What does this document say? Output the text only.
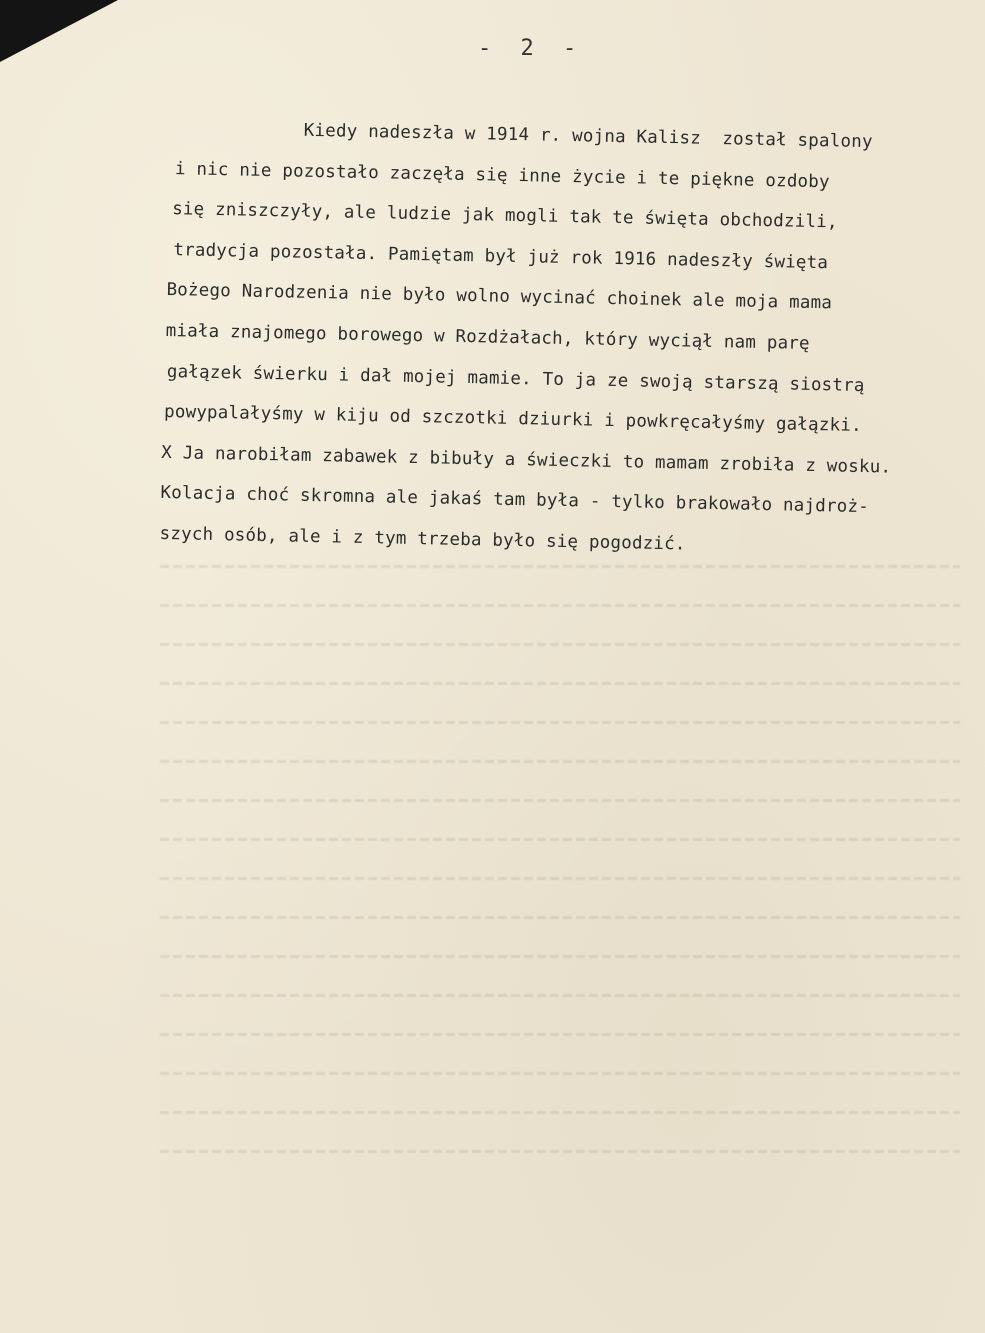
- 2 -
Kiedy nadeszła w 1914 r. wojna Kalisz  został spalony
i nic nie pozostało zaczęła się inne życie i te piękne ozdoby
się zniszczyły, ale ludzie jak mogli tak te święta obchodzili,
tradycja pozostała. Pamiętam był już rok 1916 nadeszły święta
Bożego Narodzenia nie było wolno wycinać choinek ale moja mama
miała znajomego borowego w Rozdżałach, który wyciął nam parę
gałązek świerku i dał mojej mamie. To ja ze swoją starszą siostrą
powypalałyśmy w kiju od szczotki dziurki i powkręcałyśmy gałązki.
X Ja narobiłam zabawek z bibuły a świeczki to mamam zrobiła z wosku.
Kolacja choć skromna ale jakaś tam była - tylko brakowało najdroż-
szych osób, ale i z tym trzeba było się pogodzić.
